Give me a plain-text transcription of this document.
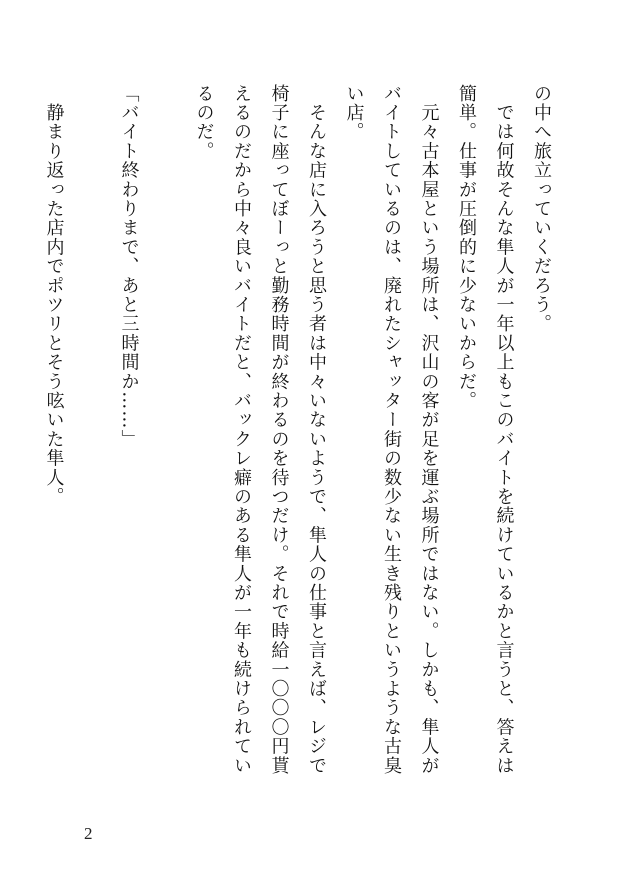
の中へ旅立っていくだろう。
　では何故そんな隼人が一年以上もこのバイトを続けているかと言うと、答えは
簡単。仕事が圧倒的に少ないからだ。
　元々古本屋という場所は、沢山の客が足を運ぶ場所ではない。しかも、隼人が
バイトしているのは、廃れたシャッター街の数少ない生き残りというような古臭
い店。
　そんな店に入ろうと思う者は中々いないようで、隼人の仕事と言えば、レジで
椅子に座ってぼーっと勤務時間が終わるのを待つだけ。それで時給一〇〇〇円貰
えるのだから中々良いバイトだと、バックレ癖のある隼人が一年も続けられてい
るのだ。
「バイト終わりまで、あと三時間か……」
　静まり返った店内でポツリとそう呟いた隼人。
2
